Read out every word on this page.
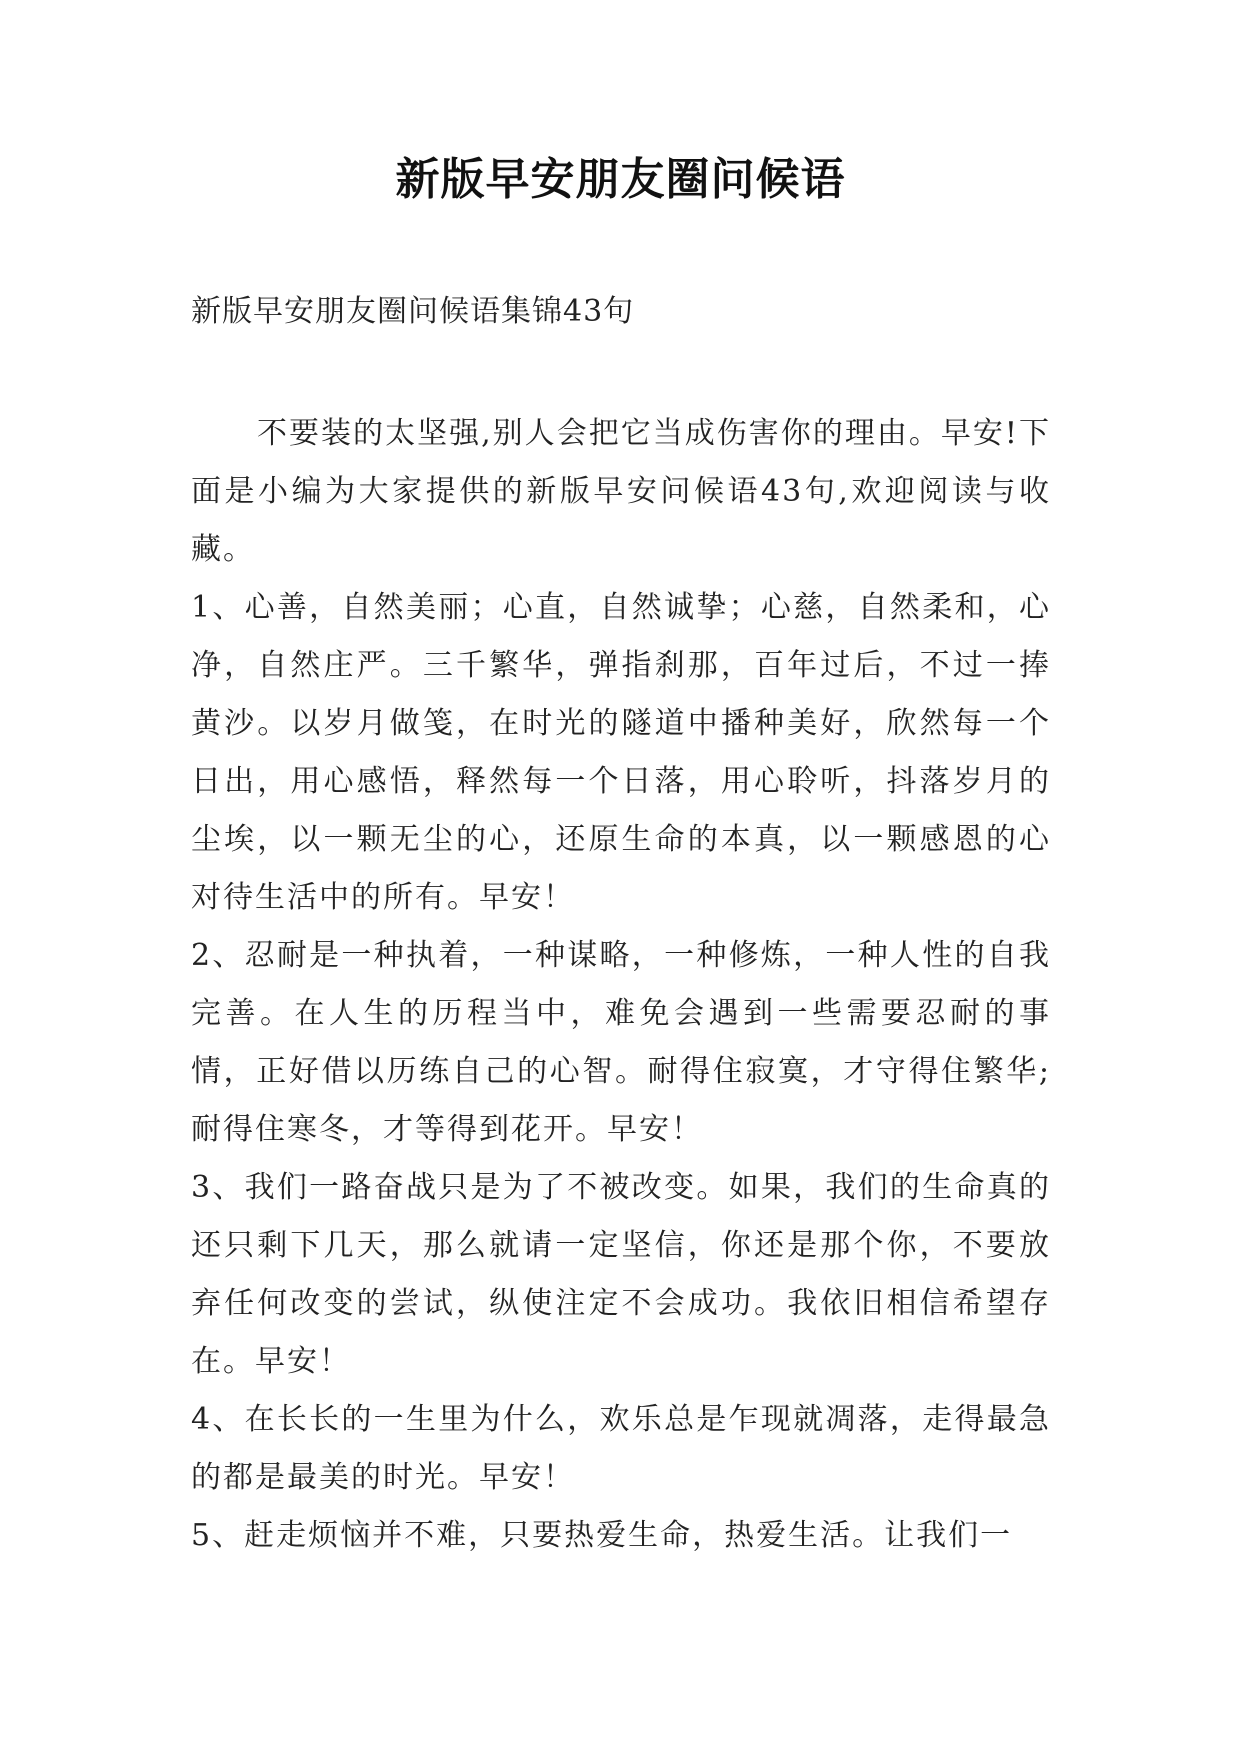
新版早安朋友圈问候语
新版早安朋友圈问候语集锦43句

不要装的太坚强,别人会把它当成伤害你的理由。早安!下面是小编为大家提供的新版早安问候语43句,欢迎阅读与收藏。

1、心善，自然美丽；心直，自然诚挚；心慈，自然柔和，心净，自然庄严。三千繁华，弹指刹那，百年过后，不过一捧黄沙。以岁月做笺，在时光的隧道中播种美好，欣然每一个日出，用心感悟，释然每一个日落，用心聆听，抖落岁月的尘埃，以一颗无尘的心，还原生命的本真，以一颗感恩的心对待生活中的所有。早安！

2、忍耐是一种执着，一种谋略，一种修炼，一种人性的自我完善。在人生的历程当中，难免会遇到一些需要忍耐的事情，正好借以历练自己的心智。耐得住寂寞，才守得住繁华;耐得住寒冬，才等得到花开。早安！

3、我们一路奋战只是为了不被改变。如果，我们的生命真的还只剩下几天，那么就请一定坚信，你还是那个你，不要放弃任何改变的尝试，纵使注定不会成功。我依旧相信希望存在。早安！

4、在长长的一生里为什么，欢乐总是乍现就凋落，走得最急的都是最美的时光。早安！

5、赶走烦恼并不难，只要热爱生命，热爱生活。让我们一
